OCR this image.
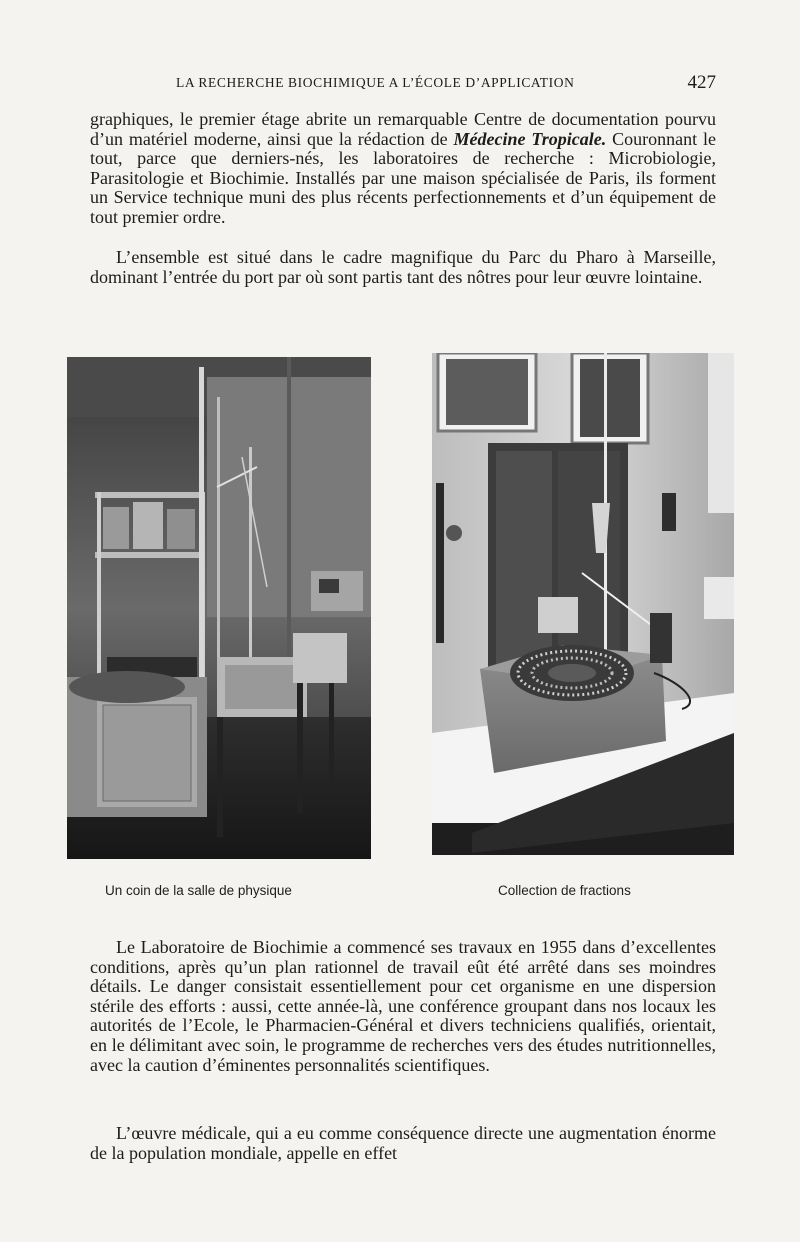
LA RECHERCHE BIOCHIMIQUE A L’ÉCOLE D’APPLICATION	427

graphiques, le premier étage abrite un remarquable Centre de documentation pourvu d’un matériel moderne, ainsi que la rédaction de Médecine Tropicale. Couronnant le tout, parce que derniers-nés, les laboratoires de recherche : Microbiologie, Parasitologie et Biochimie. Installés par une maison spécialisée de Paris, ils forment un Service technique muni des plus récents perfectionnements et d’un équipement de tout premier ordre.

L’ensemble est situé dans le cadre magnifique du Parc du Pharo à Marseille, dominant l’entrée du port par où sont partis tant des nôtres pour leur œuvre lointaine.

Un coin de la salle de physique	Collection de fractions

Le Laboratoire de Biochimie a commencé ses travaux en 1955 dans d’excellentes conditions, après qu’un plan rationnel de travail eût été arrêté dans ses moindres détails. Le danger consistait essentiellement pour cet organisme en une dispersion stérile des efforts : aussi, cette année-là, une conférence groupant dans nos locaux les autorités de l’Ecole, le Pharmacien-Général et divers techniciens qualifiés, orientait, en le délimitant avec soin, le programme de recherches vers des études nutritionnelles, avec la caution d’éminentes personnalités scientifiques.

L’œuvre médicale, qui a eu comme conséquence directe une augmentation énorme de la population mondiale, appelle en effet
